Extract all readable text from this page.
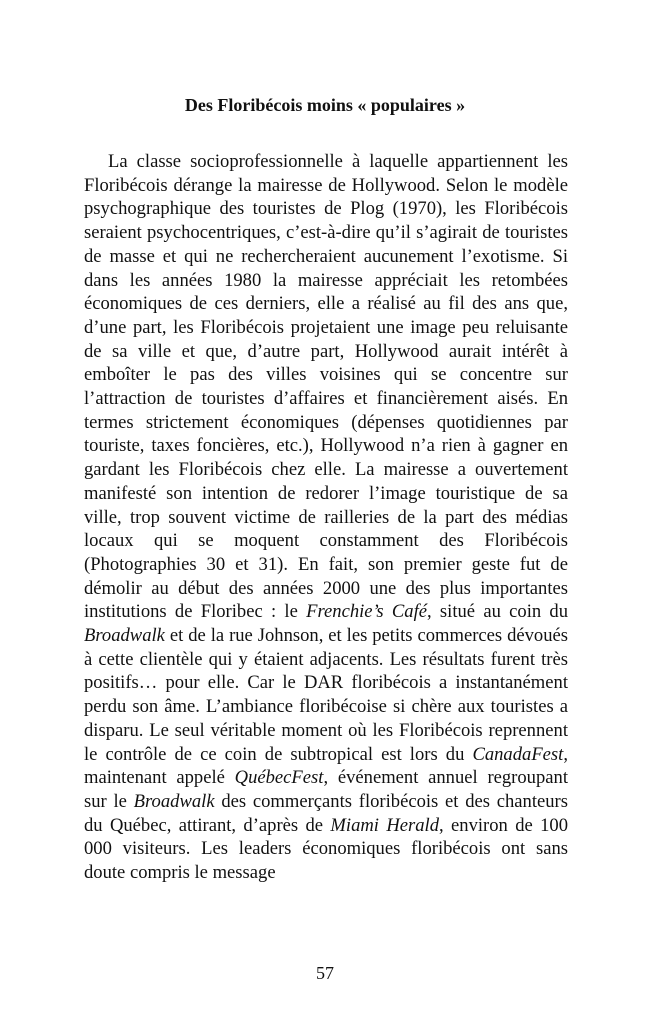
Des Floribécois moins « populaires »

La classe socioprofessionnelle à laquelle appartiennent les Floribécois dérange la mairesse de Hollywood. Selon le modèle psychographique des touristes de Plog (1970), les Floribécois seraient psychocentriques, c’est-à-dire qu’il s’agirait de touristes de masse et qui ne rechercheraient aucunement l’exotisme. Si dans les années 1980 la mairesse appréciait les retombées économiques de ces derniers, elle a réalisé au fil des ans que, d’une part, les Floribécois projetaient une image peu reluisante de sa ville et que, d’autre part, Hollywood aurait intérêt à emboîter le pas des villes voisines qui se concentre sur l’attraction de touristes d’affaires et financièrement aisés. En termes strictement économiques (dépenses quotidiennes par touriste, taxes foncières, etc.), Hollywood n’a rien à gagner en gardant les Floribécois chez elle. La mairesse a ouvertement manifesté son intention de redorer l’image touristique de sa ville, trop souvent victime de railleries de la part des médias locaux qui se moquent constamment des Floribécois (Photographies 30 et 31). En fait, son premier geste fut de démolir au début des années 2000 une des plus importantes institutions de Floribec : le Frenchie’s Café, situé au coin du Broadwalk et de la rue Johnson, et les petits commerces dévoués à cette clientèle qui y étaient adjacents. Les résultats furent très positifs… pour elle. Car le DAR floribécois a instantanément perdu son âme. L’ambiance floribécoise si chère aux touristes a disparu. Le seul véritable moment où les Floribécois reprennent le contrôle de ce coin de subtropical est lors du CanadaFest, maintenant appelé QuébecFest, événement annuel regroupant sur le Broadwalk des commerçants floribécois et des chanteurs du Québec, attirant, d’après de Miami Herald, environ de 100 000 visiteurs. Les leaders économiques floribécois ont sans doute compris le message

57
